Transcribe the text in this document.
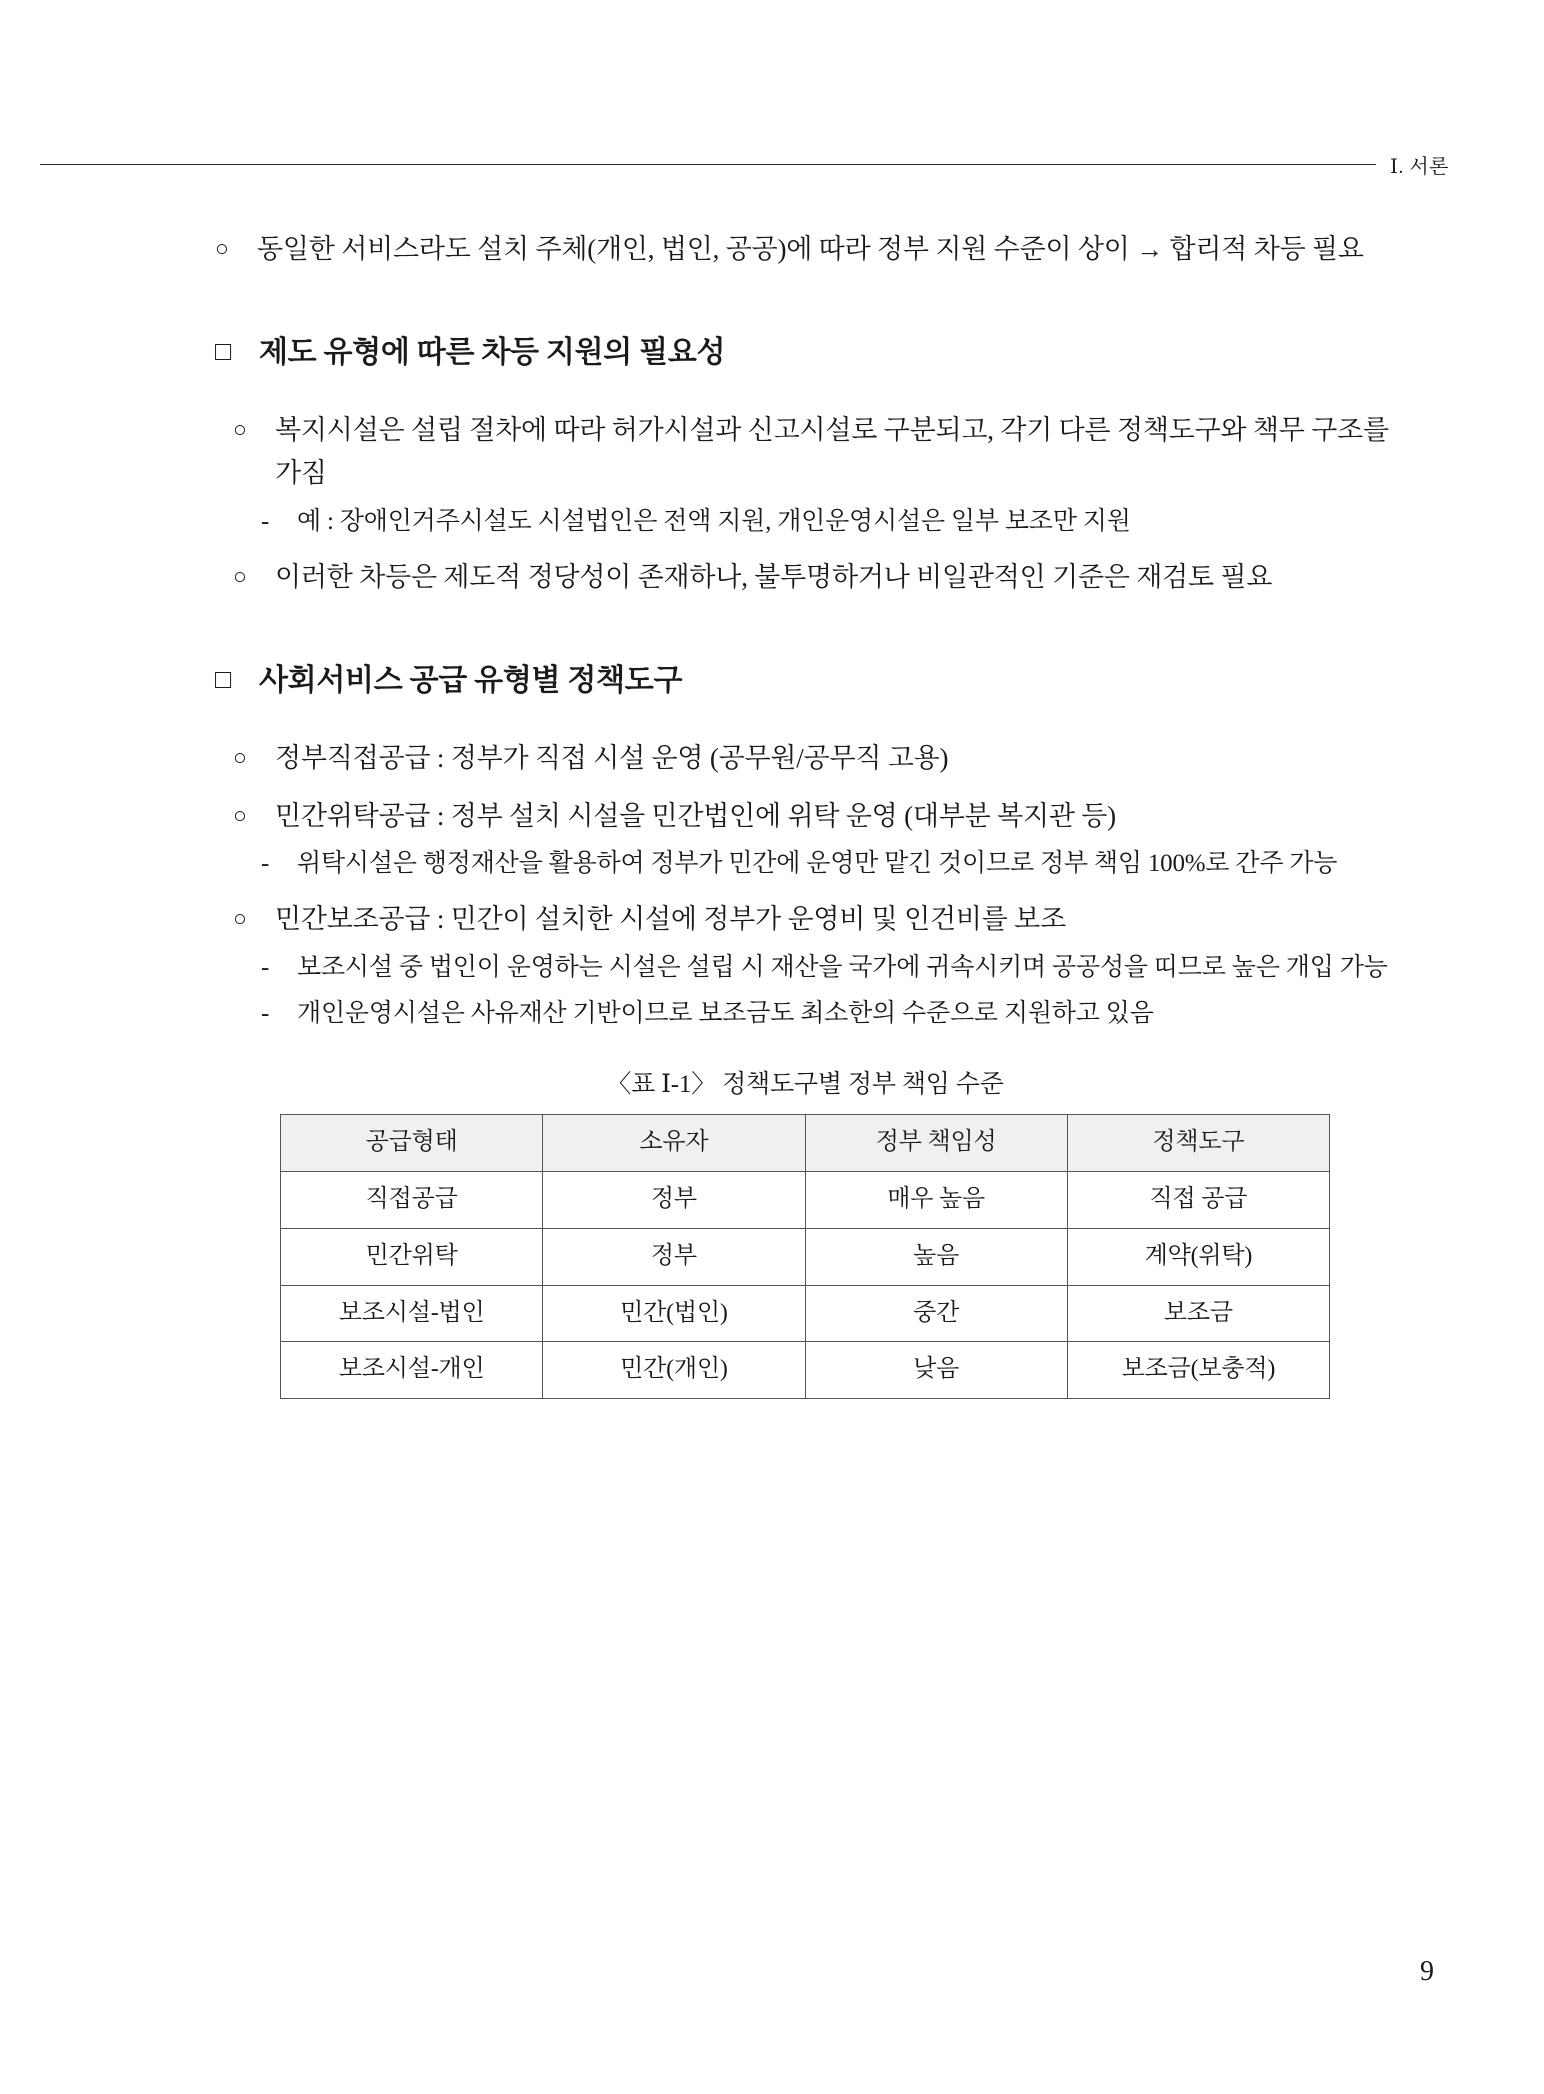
Ⅰ. 서론
○	동일한 서비스라도 설치 주체(개인, 법인, 공공)에 따라 정부 지원 수준이 상이 → 합리적 차등 필요
□ 제도 유형에 따른 차등 지원의 필요성
○	복지시설은 설립 절차에 따라 허가시설과 신고시설로 구분되고, 각기 다른 정책도구와 책무 구조를 가짐
-	예 : 장애인거주시설도 시설법인은 전액 지원, 개인운영시설은 일부 보조만 지원
○	이러한 차등은 제도적 정당성이 존재하나, 불투명하거나 비일관적인 기준은 재검토 필요
□ 사회서비스 공급 유형별 정책도구
○	정부직접공급 : 정부가 직접 시설 운영 (공무원/공무직 고용)
○	민간위탁공급 : 정부 설치 시설을 민간법인에 위탁 운영 (대부분 복지관 등)
-	위탁시설은 행정재산을 활용하여 정부가 민간에 운영만 맡긴 것이므로 정부 책임 100%로 간주 가능
○	민간보조공급 : 민간이 설치한 시설에 정부가 운영비 및 인건비를 보조
-	보조시설 중 법인이 운영하는 시설은 설립 시 재산을 국가에 귀속시키며 공공성을 띠므로 높은 개입 가능
-	개인운영시설은 사유재산 기반이므로 보조금도 최소한의 수준으로 지원하고 있음
〈표 Ⅰ-1〉 정책도구별 정부 책임 수준
공급형태	소유자	정부 책임성	정책도구
직접공급	정부	매우 높음	직접 공급
민간위탁	정부	높음	계약(위탁)
보조시설-법인	민간(법인)	중간	보조금
보조시설-개인	민간(개인)	낮음	보조금(보충적)
9
